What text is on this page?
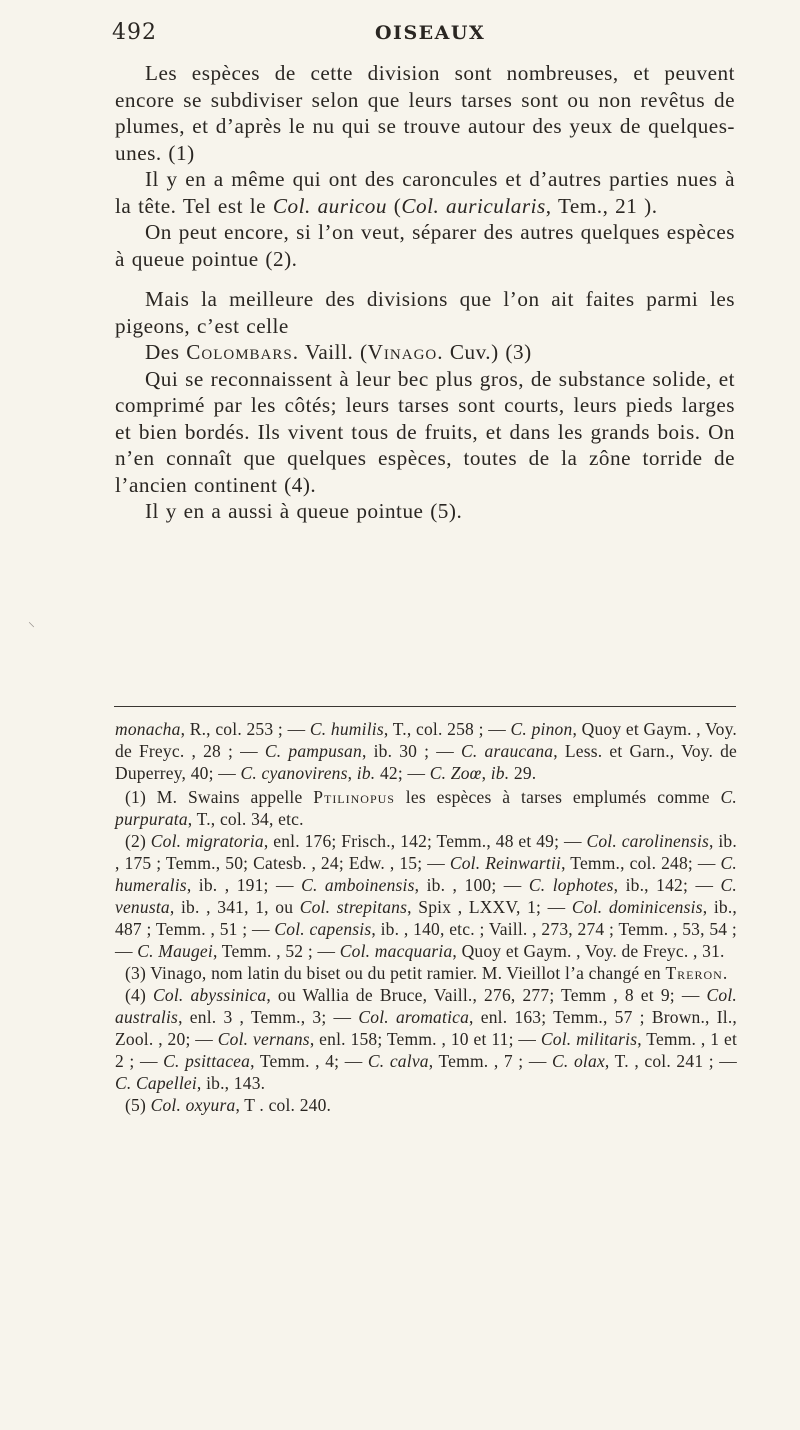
492	OISEAUX

Les espèces de cette division sont nombreuses, et peuvent encore se subdiviser selon que leurs tarses sont ou non revêtus de plumes, et d’après le nu qui se trouve autour des yeux de quelques-unes. (1)

Il y en a même qui ont des caroncules et d’autres parties nues à la tête. Tel est le Col. auricou (Col. auricularis, Tem., 21 ).

On peut encore, si l’on veut, séparer des autres quelques espèces à queue pointue (2).

Mais la meilleure des divisions que l’on ait faites parmi les pigeons, c’est celle

Des Colombars. Vaill. (Vinago. Cuv.) (3)

Qui se reconnaissent à leur bec plus gros, de substance solide, et comprimé par les côtés; leurs tarses sont courts, leurs pieds larges et bien bordés. Ils vivent tous de fruits, et dans les grands bois. On n’en connaît que quelques espèces, toutes de la zône torride de l’ancien continent (4).

Il y en a aussi à queue pointue (5).

monacha, R., col. 253 ; — C. humilis, T., col. 258 ; — C. pinon, Quoy et Gaym. , Voy. de Freyc. , 28 ; — C. pampusan, ib. 30 ; — C. araucana, Less. et Garn., Voy. de Duperrey, 40; — C. cyanovirens, ib. 42; — C. Zoœ, ib. 29.

(1) M. Swains appelle Ptilinopus les espèces à tarses emplumés comme C. purpurata, T., col. 34, etc.

(2) Col. migratoria, enl. 176; Frisch., 142; Temm., 48 et 49; — Col. carolinensis, ib. , 175 ; Temm., 50; Catesb. , 24; Edw. , 15; — Col. Reinwartii, Temm., col. 248; — C. humeralis, ib. , 191; — C. amboinensis, ib. , 100; — C. lophotes, ib., 142; — C. venusta, ib. , 341, 1, ou Col. strepitans, Spix , LXXV, 1; — Col. dominicensis, ib., 487 ; Temm. , 51 ; — Col. capensis, ib. , 140, etc. ; Vaill. , 273, 274 ; Temm. , 53, 54 ; — C. Maugei, Temm. , 52 ; — Col. macquaria, Quoy et Gaym. , Voy. de Freyc. , 31.

(3) Vinago, nom latin du biset ou du petit ramier. M. Vieillot l’a changé en Treron.

(4) Col. abyssinica, ou Wallia de Bruce, Vaill., 276, 277; Temm , 8 et 9; — Col. australis, enl. 3 , Temm., 3; — Col. aromatica, enl. 163; Temm., 57 ; Brown., Il., Zool. , 20; — Col. vernans, enl. 158; Temm. , 10 et 11; — Col. militaris, Temm. , 1 et 2 ; — C. psittacea, Temm. , 4; — C. calva, Temm. , 7 ; — C. olax, T. , col. 241 ; — C. Capellei, ib., 143.

(5) Col. oxyura, T . col. 240.

⸌
